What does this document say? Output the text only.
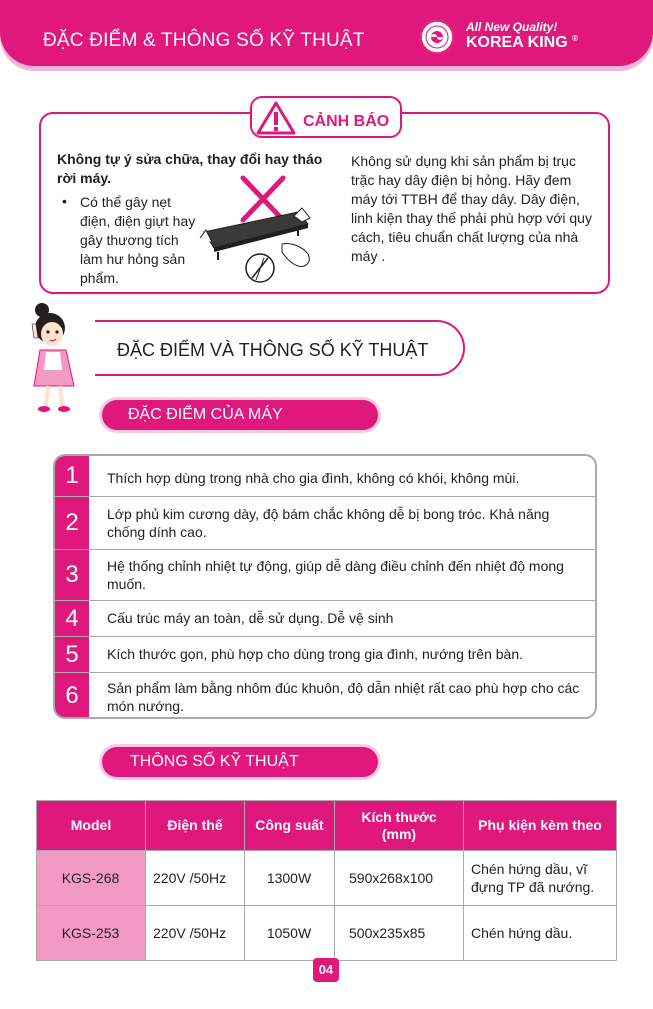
ĐẶC ĐIỂM & THÔNG SỐ KỸ THUẬT
All New Quality!
KOREA KING ®
CẢNH BÁO
Không tự ý sửa chữa, thay đổi hay tháo rời máy.
• Có thể gây nẹt điện, điện giựt hay gây thương tích làm hư hỏng sản phẩm.
Không sử dụng khi sản phẩm bị trục trặc hay dây điện bị hỏng. Hãy đem máy tới TTBH để thay dây. Dây điện, linh kiện thay thế phải phù hợp với quy cách, tiêu chuẩn chất lượng của nhà máy .
ĐẶC ĐIỂM VÀ THÔNG SỐ KỸ THUẬT
ĐẶC ĐIỂM CỦA MÁY
1	Thích hợp dùng trong nhà cho gia đình, không có khói, không mùi.
2	Lớp phủ kim cương dày, độ bám chắc không dễ bị bong tróc. Khả năng chống dính cao.
3	Hệ thống chỉnh nhiệt tự động, giúp dễ dàng điều chỉnh đến nhiệt độ mong muốn.
4	Cấu trúc máy an toàn, dễ sử dụng. Dễ vệ sinh
5	Kích thước gọn, phù hợp cho dùng trong gia đình, nướng trên bàn.
6	Sản phẩm làm bằng nhôm đúc khuôn, độ dẫn nhiệt rất cao phù hợp cho các món nướng.
THÔNG SỐ KỸ THUẬT
Model	Điện thế	Công suất	Kích thước (mm)	Phụ kiện kèm theo
KGS-268	220V /50Hz	1300W	590x268x100	Chén hứng dầu, vĩ đựng TP đã nướng.
KGS-253	220V /50Hz	1050W	500x235x85	Chén hứng dầu.
04
